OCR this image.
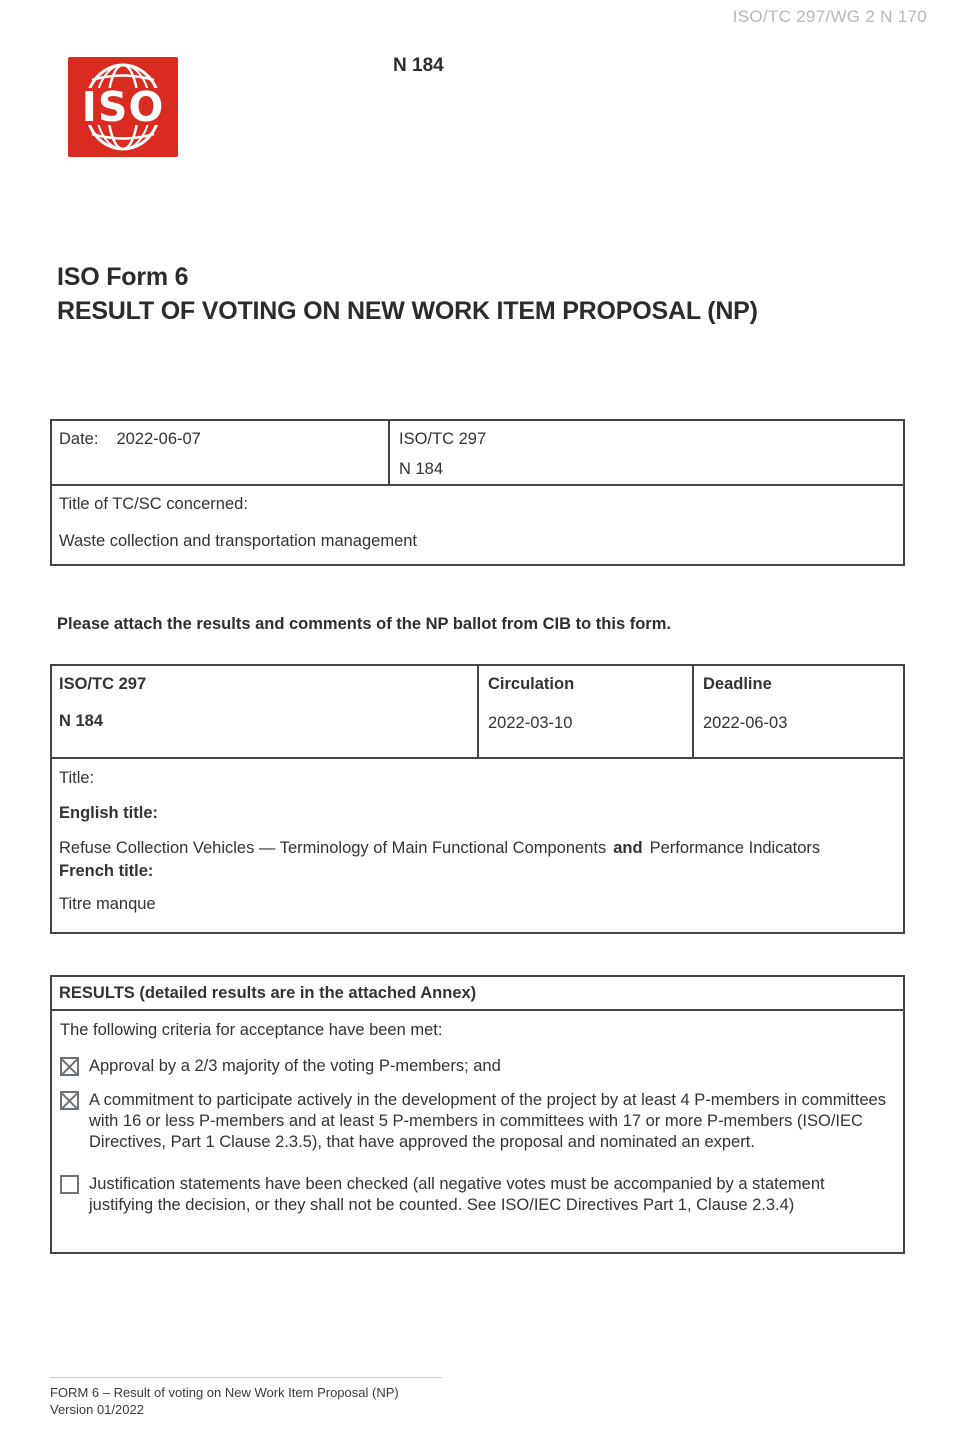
ISO/TC 297/WG 2 N 170
ISO
N 184
ISO Form 6
RESULT OF VOTING ON NEW WORK ITEM PROPOSAL (NP)
Date: 2022-06-07	ISO/TC 297
N 184
Title of TC/SC concerned:
Waste collection and transportation management
Please attach the results and comments of the NP ballot from CIB to this form.
ISO/TC 297
N 184
Circulation
2022-03-10
Deadline
2022-06-03
Title:
English title:
Refuse Collection Vehicles — Terminology of Main Functional Components and Performance Indicators
French title:
Titre manque
RESULTS (detailed results are in the attached Annex)
The following criteria for acceptance have been met:
Approval by a 2/3 majority of the voting P-members; and
A commitment to participate actively in the development of the project by at least 4 P-members in committees with 16 or less P-members and at least 5 P-members in committees with 17 or more P-members (ISO/IEC Directives, Part 1 Clause 2.3.5), that have approved the proposal and nominated an expert.
Justification statements have been checked (all negative votes must be accompanied by a statement justifying the decision, or they shall not be counted. See ISO/IEC Directives Part 1, Clause 2.3.4)
FORM 6 – Result of voting on New Work Item Proposal (NP)
Version 01/2022
